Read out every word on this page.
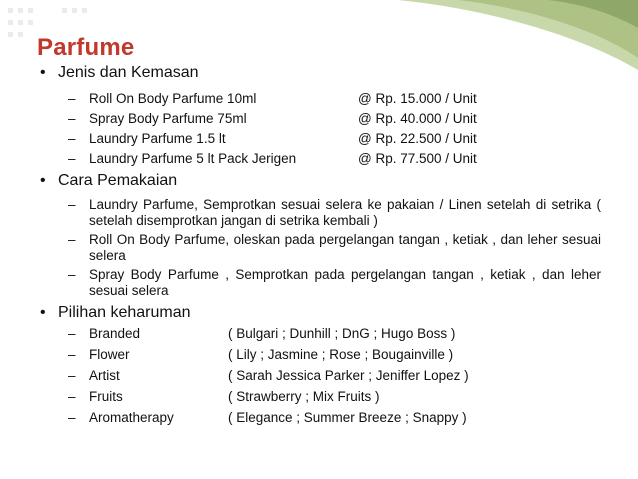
Parfume
• Jenis dan Kemasan
– Roll On Body Parfume 10ml	@ Rp. 15.000 / Unit
– Spray Body Parfume 75ml	@ Rp. 40.000 / Unit
– Laundry Parfume 1.5 lt	@ Rp. 22.500 / Unit
– Laundry Parfume 5 lt Pack Jerigen	@ Rp. 77.500 / Unit
• Cara Pemakaian
– Laundry Parfume, Semprotkan sesuai selera ke pakaian / Linen setelah di setrika ( setelah disemprotkan jangan di setrika kembali )
– Roll On Body Parfume, oleskan pada pergelangan tangan , ketiak , dan leher sesuai selera
– Spray Body Parfume , Semprotkan pada pergelangan tangan , ketiak , dan leher sesuai selera
• Pilihan keharuman
– Branded	( Bulgari ; Dunhill ; DnG ; Hugo Boss )
– Flower	( Lily ; Jasmine ; Rose ; Bougainville )
– Artist	( Sarah Jessica Parker ; Jeniffer Lopez )
– Fruits	( Strawberry ; Mix Fruits )
– Aromatherapy	( Elegance ; Summer Breeze ; Snappy )
